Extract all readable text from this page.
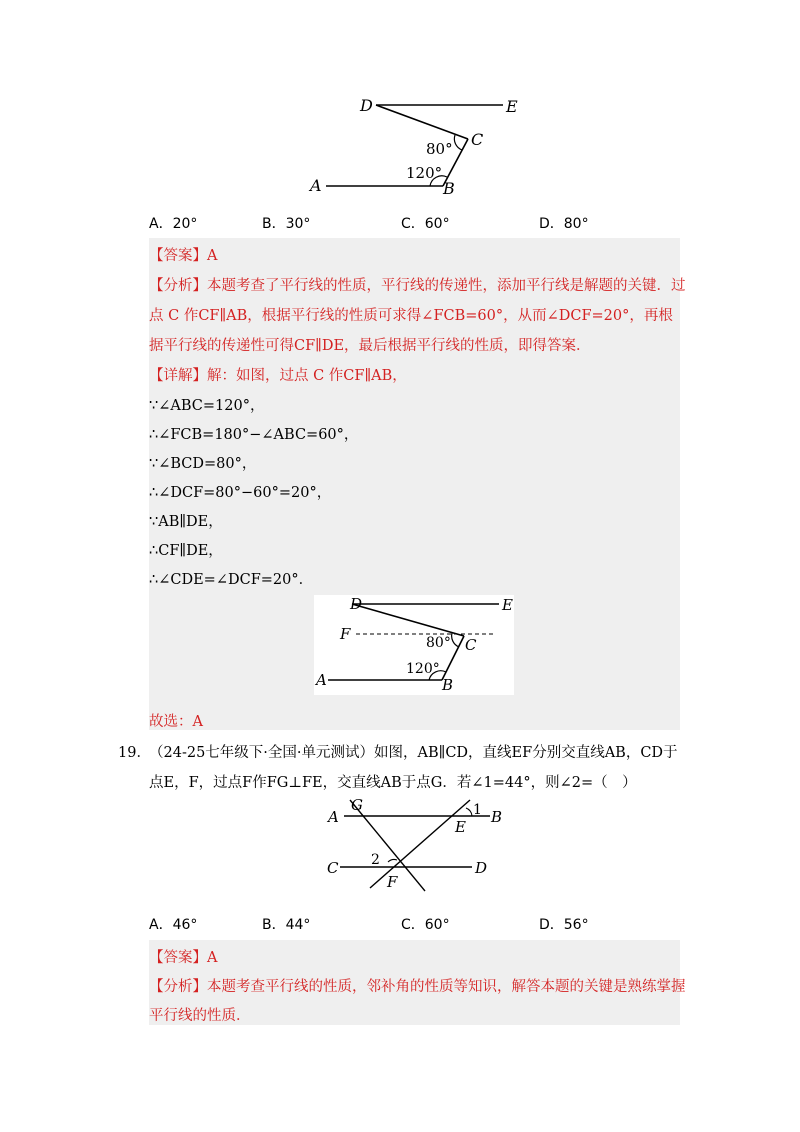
D	E
C
A	B
80°
120°
A．20°	B．30°	C．60°	D．80°
【答案】A
【分析】本题考查了平行线的性质，平行线的传递性，添加平行线是解题的关键．过
点 C 作CF∥AB，根据平行线的性质可求得∠FCB=60°，从而∠DCF=20°，再根
据平行线的传递性可得CF∥DE，最后根据平行线的性质，即得答案．
【详解】解：如图，过点 C 作CF∥AB，
∵∠ABC=120°，
∴∠FCB=180°−∠ABC=60°，
∵∠BCD=80°，
∴∠DCF=80°−60°=20°，
∵AB∥DE，
∴CF∥DE，
∴∠CDE=∠DCF=20°．
D	E
F
C
A	B
80°
120°
故选：A
19．
（24-25七年级下·全国·单元测试）如图，AB∥CD，直线EF分别交直线AB，CD于
点E，F，过点F作FG⊥FE，交直线AB于点G．若∠1=44°，则∠2=（　）
A
G	1
E
B
C 2	D
F
A．46°	B．44°	C．60°	D．56°
【答案】A
【分析】本题考查平行线的性质，邻补角的性质等知识，解答本题的关键是熟练掌握
平行线的性质．
